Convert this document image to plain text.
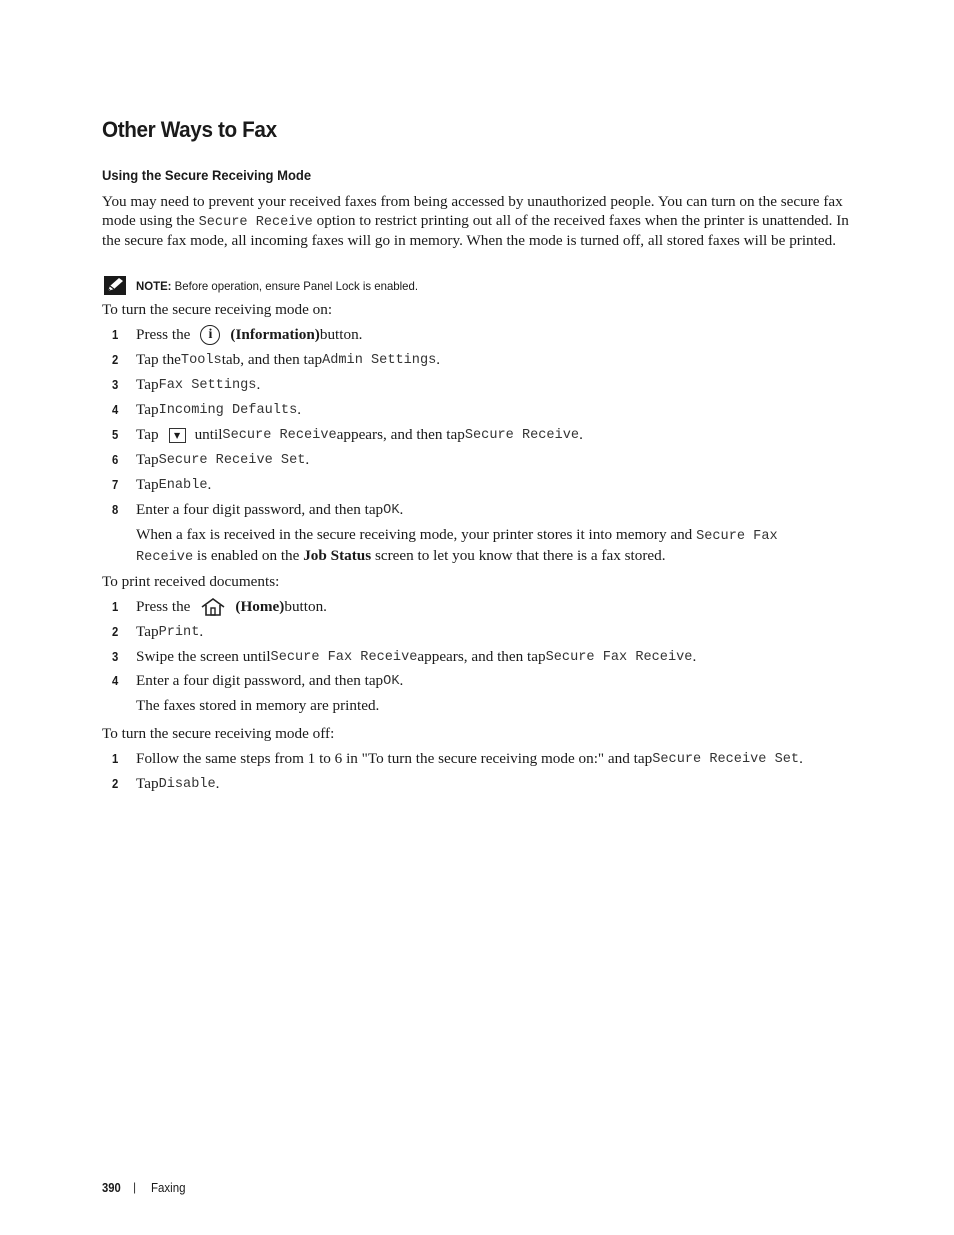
Other Ways to Fax
Using the Secure Receiving Mode
You may need to prevent your received faxes from being accessed by unauthorized people. You can turn on the secure fax mode using the Secure Receive option to restrict printing out all of the received faxes when the printer is unattended. In the secure fax mode, all incoming faxes will go in memory. When the mode is turned off, all stored faxes will be printed.
NOTE: Before operation, ensure Panel Lock is enabled.
To turn the secure receiving mode on:
1	Press the	i	(Information) button.
2	Tap the Tools tab, and then tap Admin Settings .
3	Tap Fax Settings .
4	Tap Incoming Defaults .
5	Tap	▼ until Secure Receive appears, and then tap Secure Receive .
6	Tap Secure Receive Set .
7	Tap Enable .
8	Enter a four digit password, and then tap OK .
When a fax is received in the secure receiving mode, your printer stores it into memory and Secure Fax Receive is enabled on the Job Status screen to let you know that there is a fax stored.
To print received documents:
1	Press the	(Home) button.
2	Tap Print .
3	Swipe the screen until Secure Fax Receive appears, and then tap Secure Fax Receive .
4	Enter a four digit password, and then tap OK .
The faxes stored in memory are printed.
To turn the secure receiving mode off:
1	Follow the same steps from 1 to 6 in "To turn the secure receiving mode on:" and tap Secure Receive Set .
2	Tap Disable .
390 | Faxing
